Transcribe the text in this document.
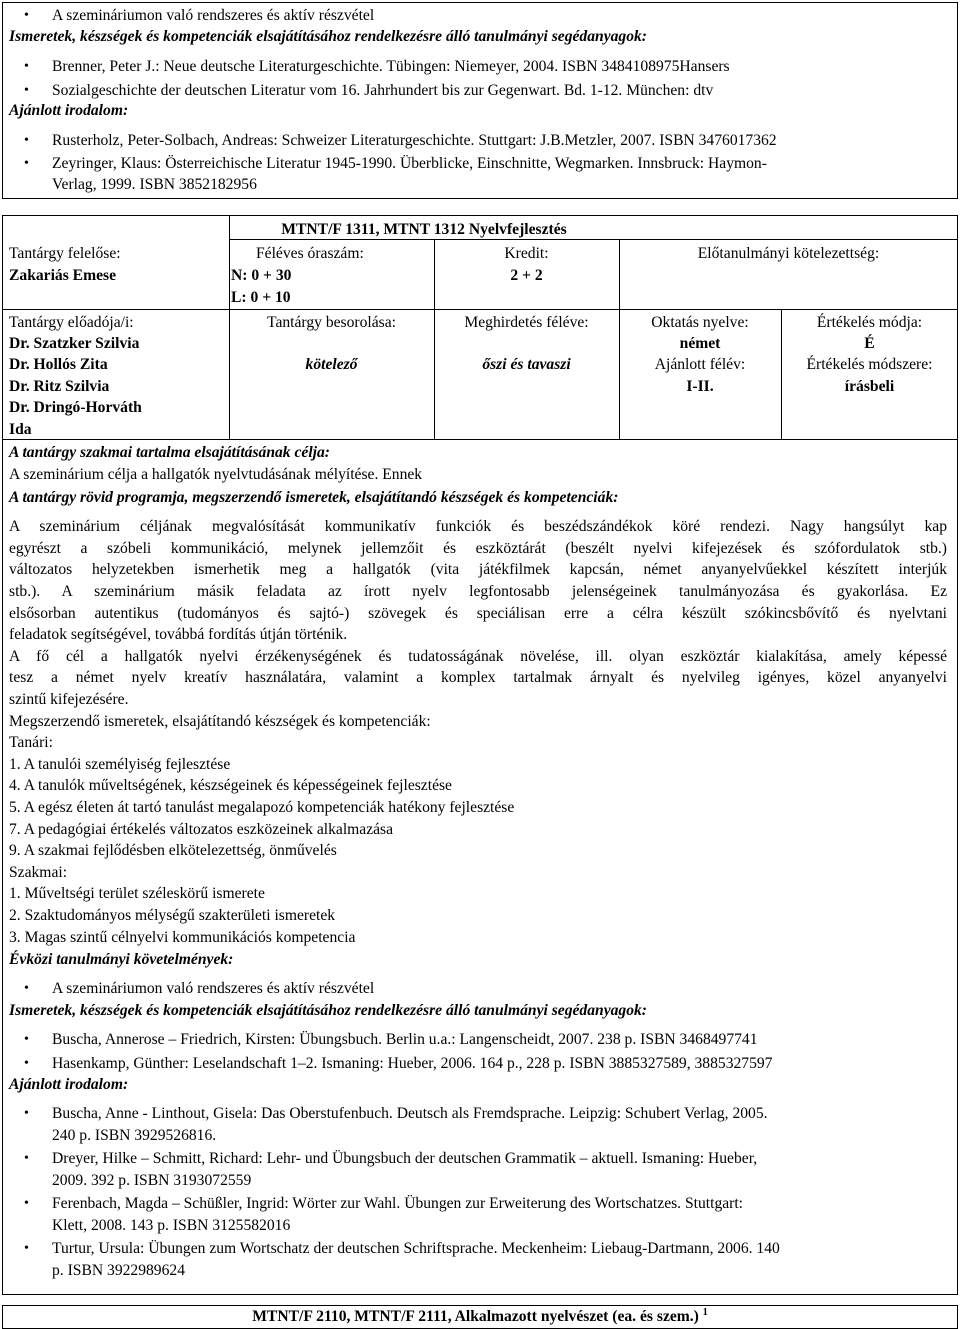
• A szemináriumon való rendszeres és aktív részvétel
Ismeretek, készségek és kompetenciák elsajátításához rendelkezésre álló tanulmányi segédanyagok:
• Brenner, Peter J.: Neue deutsche Literaturgeschichte. Tübingen: Niemeyer, 2004. ISBN 3484108975Hansers
• Sozialgeschichte der deutschen Literatur vom 16. Jahrhundert bis zur Gegenwart. Bd. 1-12. München: dtv
Ajánlott irodalom:
• Rusterholz, Peter-Solbach, Andreas: Schweizer Literaturgeschichte. Stuttgart: J.B.Metzler, 2007. ISBN 3476017362
• Zeyringer, Klaus: Österreichische Literatur 1945-1990. Überblicke, Einschnitte, Wegmarken. Innsbruck: Haymon-
Verlag, 1999. ISBN 3852182956
MTNT/F 1311, MTNT 1312 Nyelvfejlesztés
Tantárgy felelőse:
Zakariás Emese
Féléves óraszám:
N: 0 + 30
L: 0 + 10
Kredit:
2 + 2
Előtanulmányi kötelezettség:
Tantárgy előadója/i:
Dr. Szatzker Szilvia
Dr. Hollós Zita
Dr. Ritz Szilvia
Dr. Dringó-Horváth
Ida
Tantárgy besorolása:
kötelező
Meghirdetés féléve:
őszi és tavaszi
Oktatás nyelve:
német
Ajánlott félév:
I-II.
Értékelés módja:
É
Értékelés módszere:
írásbeli
A tantárgy szakmai tartalma elsajátításának célja:
A szeminárium célja a hallgatók nyelvtudásának mélyítése. Ennek
A tantárgy rövid programja, megszerzendő ismeretek, elsajátítandó készségek és kompetenciák:
A szeminárium céljának megvalósítását kommunikatív funkciók és beszédszándékok köré rendezi. Nagy hangsúlyt kap
egyrészt a szóbeli kommunikáció, melynek jellemzőit és eszköztárát (beszélt nyelvi kifejezések és szófordulatok stb.)
változatos helyzetekben ismerhetik meg a hallgatók (vita játékfilmek kapcsán, német anyanyelvűekkel készített interjúk
stb.). A szeminárium másik feladata az írott nyelv legfontosabb jelenségeinek tanulmányozása és gyakorlása. Ez
elsősorban autentikus (tudományos és sajtó-) szövegek és speciálisan erre a célra készült szókincsbővítő és nyelvtani
feladatok segítségével, továbbá fordítás útján történik.
A fő cél a hallgatók nyelvi érzékenységének és tudatosságának növelése, ill. olyan eszköztár kialakítása, amely képessé
tesz a német nyelv kreatív használatára, valamint a komplex tartalmak árnyalt és nyelvileg igényes, közel anyanyelvi
szintű kifejezésére.
Megszerzendő ismeretek, elsajátítandó készségek és kompetenciák:
Tanári:
1. A tanulói személyiség fejlesztése
4. A tanulók műveltségének, készségeinek és képességeinek fejlesztése
5. A egész életen át tartó tanulást megalapozó kompetenciák hatékony fejlesztése
7. A pedagógiai értékelés változatos eszközeinek alkalmazása
9. A szakmai fejlődésben elkötelezettség, önművelés
Szakmai:
1. Műveltségi terület széleskörű ismerete
2. Szaktudományos mélységű szakterületi ismeretek
3. Magas szintű célnyelvi kommunikációs kompetencia
Évközi tanulmányi követelmények:
• A szemináriumon való rendszeres és aktív részvétel
Ismeretek, készségek és kompetenciák elsajátításához rendelkezésre álló tanulmányi segédanyagok:
• Buscha, Annerose – Friedrich, Kirsten: Übungsbuch. Berlin u.a.: Langenscheidt, 2007. 238 p. ISBN 3468497741
• Hasenkamp, Günther: Leselandschaft 1–2. Ismaning: Hueber, 2006. 164 p., 228 p. ISBN 3885327589, 3885327597
Ajánlott irodalom:
• Buscha, Anne - Linthout, Gisela: Das Oberstufenbuch. Deutsch als Fremdsprache. Leipzig: Schubert Verlag, 2005.
240 p. ISBN 3929526816.
• Dreyer, Hilke – Schmitt, Richard: Lehr- und Übungsbuch der deutschen Grammatik – aktuell. Ismaning: Hueber,
2009. 392 p. ISBN 3193072559
• Ferenbach, Magda – Schüßler, Ingrid: Wörter zur Wahl. Übungen zur Erweiterung des Wortschatzes. Stuttgart:
Klett, 2008. 143 p. ISBN 3125582016
• Turtur, Ursula: Übungen zum Wortschatz der deutschen Schriftsprache. Meckenheim: Liebaug-Dartmann, 2006. 140
p. ISBN 3922989624
MTNT/F 2110, MTNT/F 2111, Alkalmazott nyelvészet (ea. és szem.) $^1$
